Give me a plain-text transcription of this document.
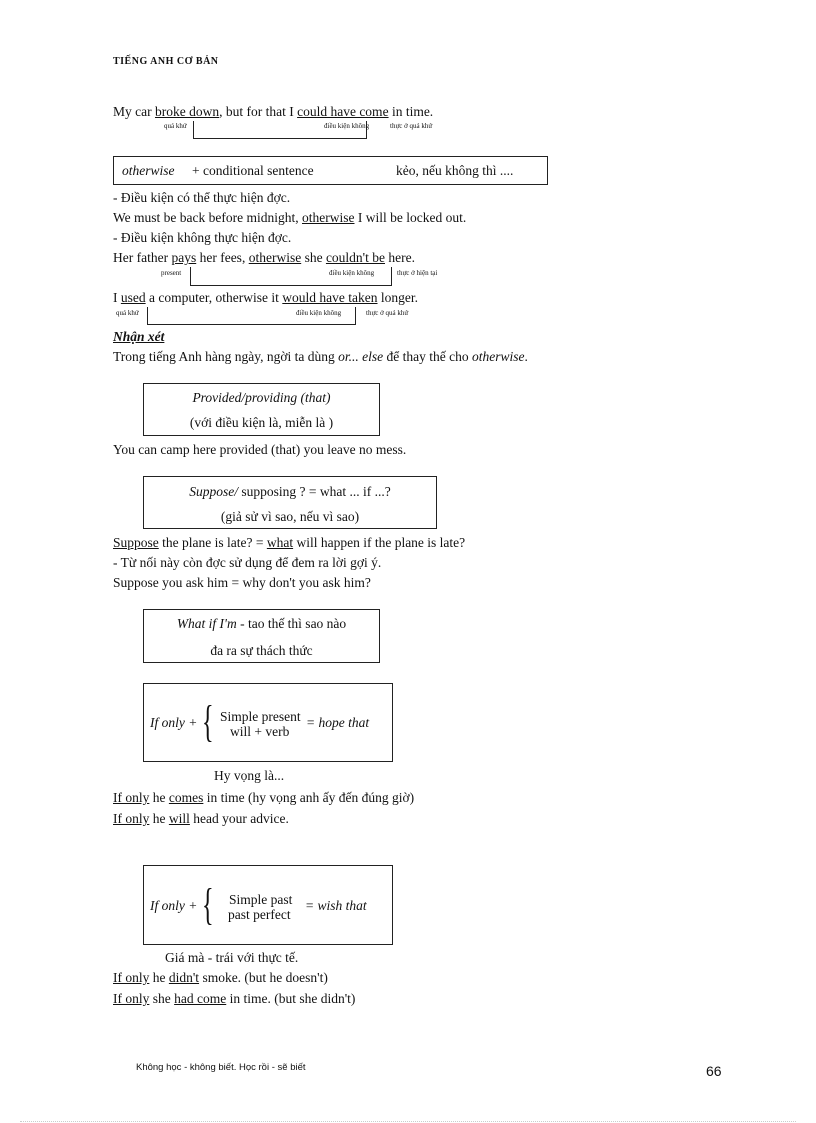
TIẾNG ANH CƠ BẢN
My car broke down, but for that I could have come in time.
quá khứ	điều kiện không	thực ở quá khứ
otherwise + conditional sentence	kẻo, nếu không thì ....
- Điều kiện có thể thực hiện đợc.
We must be back before midnight, otherwise I will be locked out.
- Điều kiện không thực hiện đợc.
Her father pays her fees, otherwise she couldn't be here.
present	điều kiện không	thực ở hiện tại
I used a computer, otherwise it would have taken longer.
quá khứ	điều kiện không	thực ở quá khứ
Nhận xét
Trong tiếng Anh hàng ngày, ngời ta dùng or... else để thay thế cho otherwise.
Provided/providing (that)
(với điều kiện là, miễn là )
You can camp here provided (that) you leave no mess.
Suppose/ supposing ? = what ... if ...?
(giả sử vì sao, nếu vì sao)
Suppose the plane is late? = what will happen if the plane is late?
- Từ nối này còn đợc sử dụng để đem ra lời gợi ý.
Suppose you ask him = why don't you ask him?
What if I'm - tao thế thì sao nào
đa ra sự thách thức
If only + { Simple present
will + verb
= hope that
Hy vọng là...
If only he comes in time (hy vọng anh ấy đến đúng giờ)
If only he will head your advice.
If only + { Simple past
past perfect
= wish that
Giá mà - trái với thực tế.
If only he didn't smoke. (but he doesn't)
If only she had come in time. (but she didn't)
Không học - không biết. Học rồi - sẽ biết	66
